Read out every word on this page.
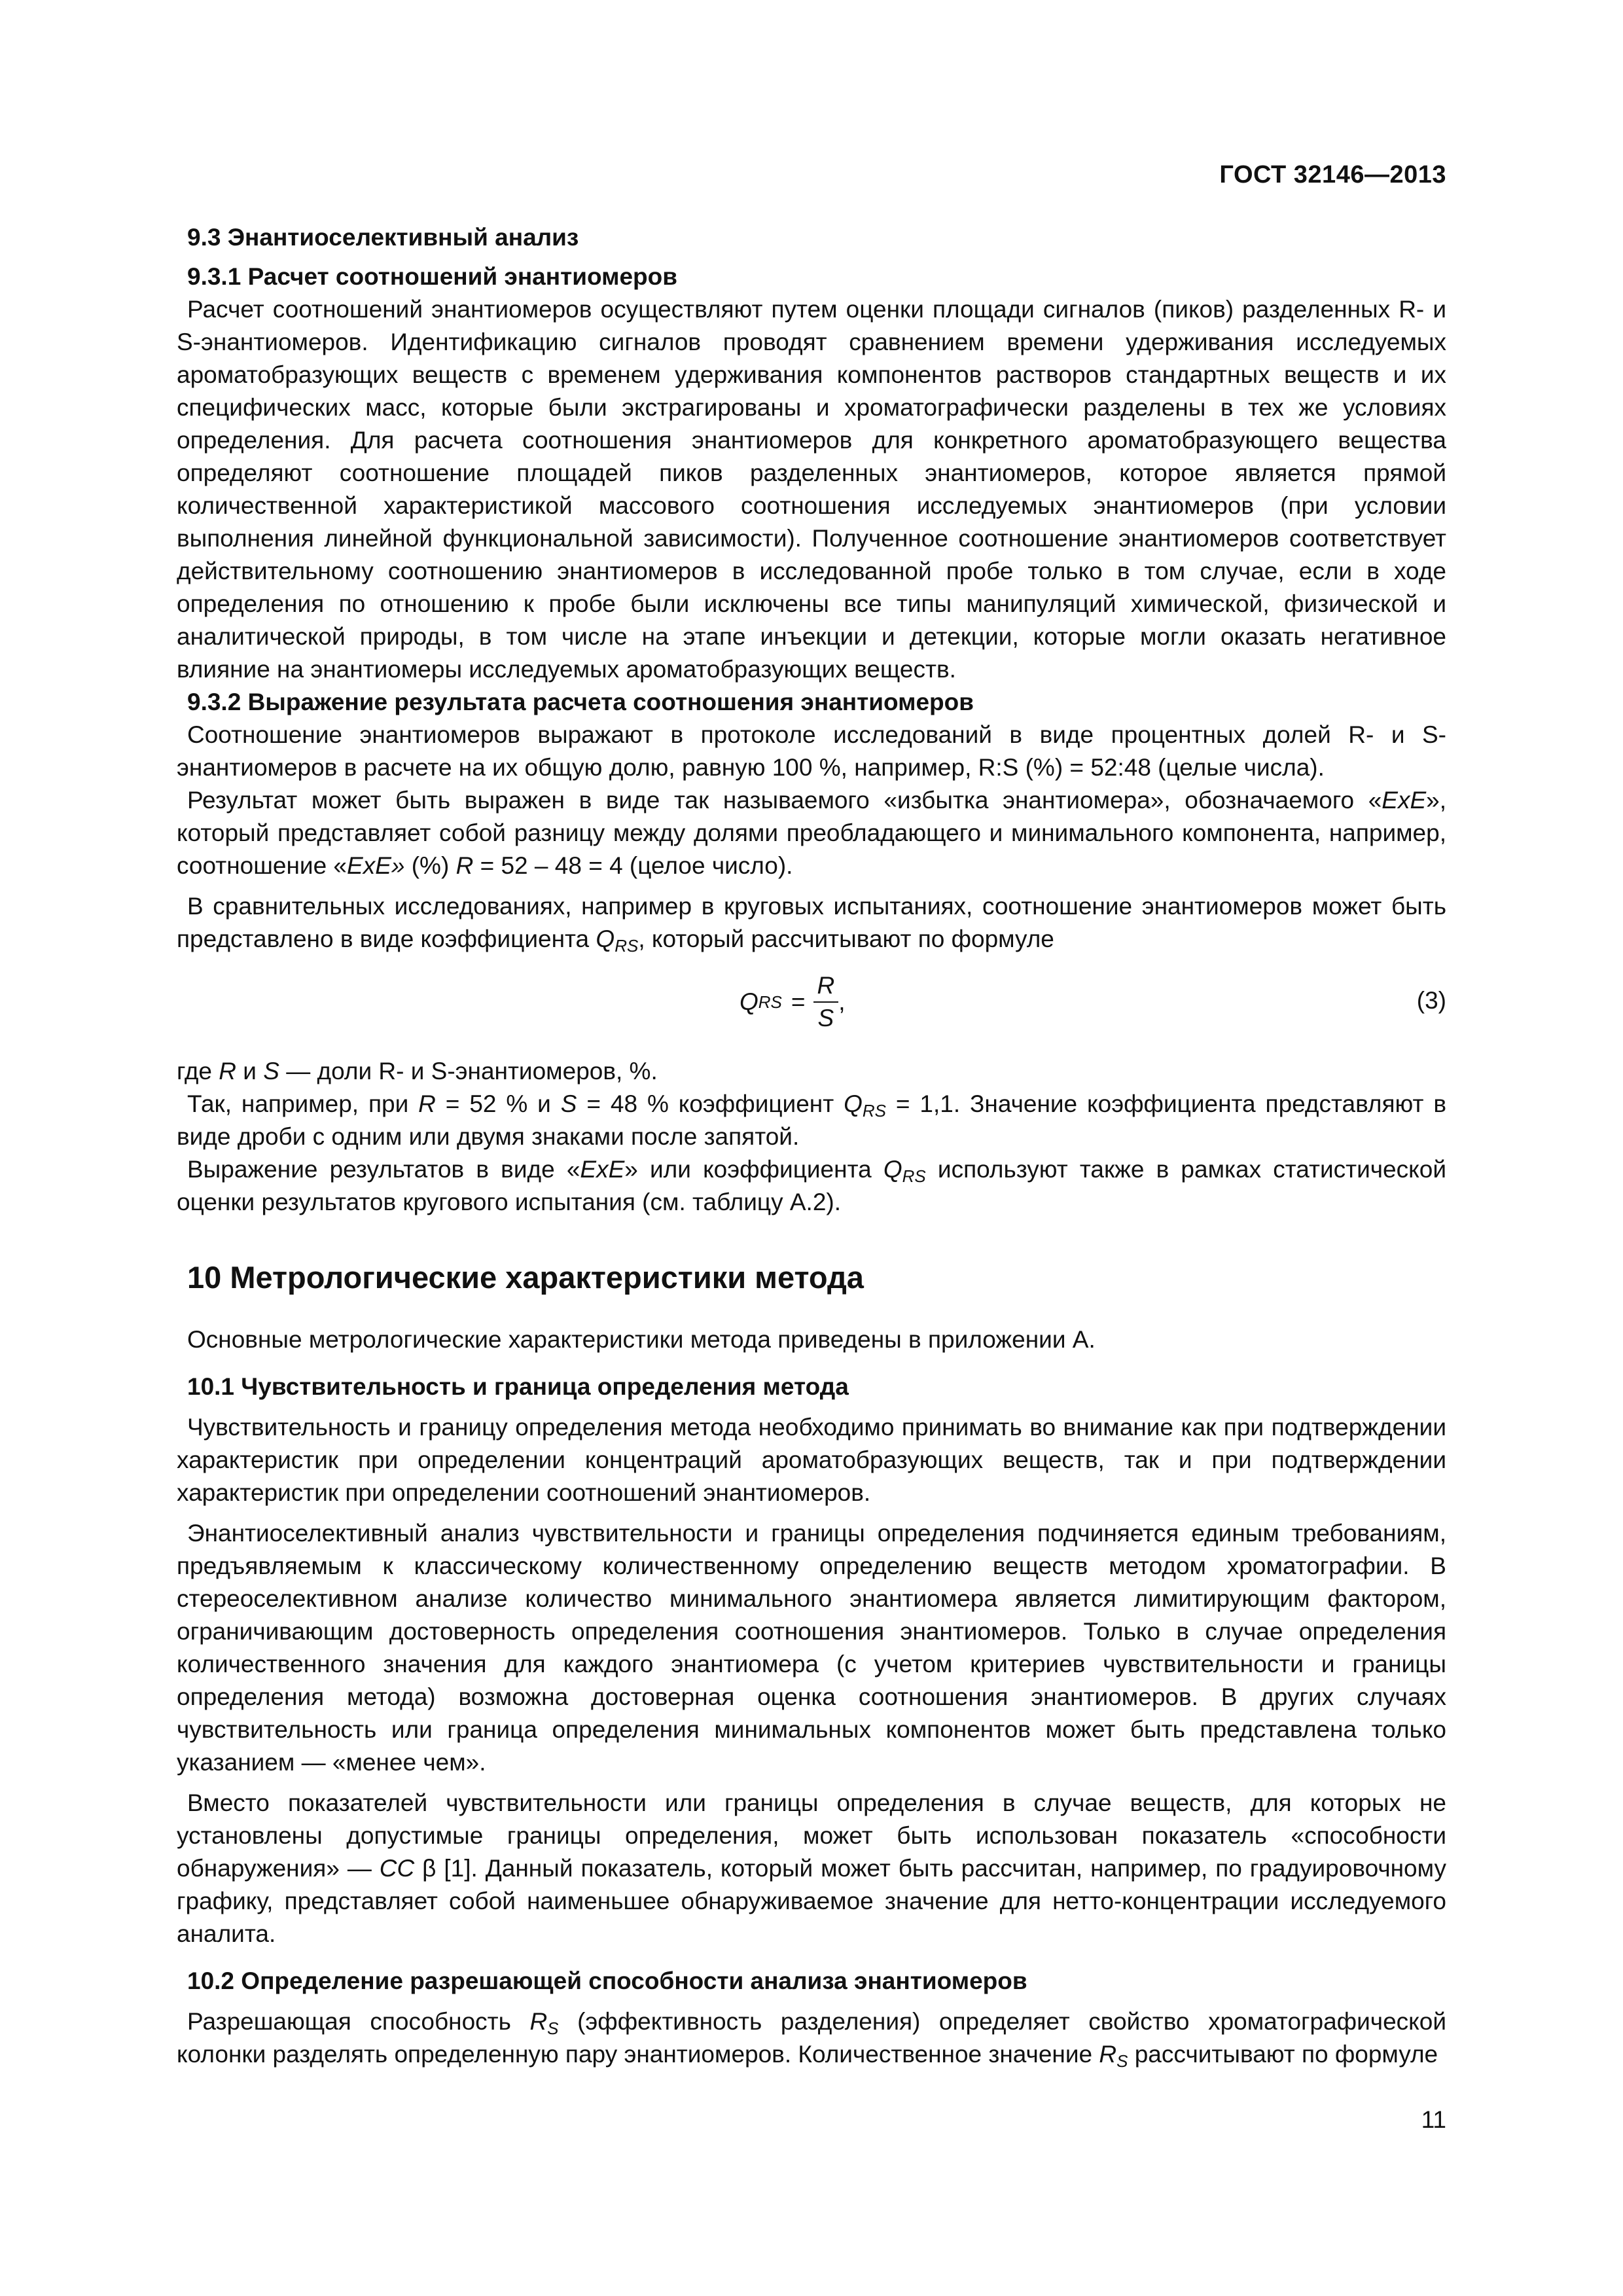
ГОСТ 32146—2013
9.3 Энантиоселективный анализ
9.3.1 Расчет соотношений энантиомеров

Расчет соотношений энантиомеров осуществляют путем оценки площади сигналов (пиков) разделенных R- и S-энантиомеров. Идентификацию сигналов проводят сравнением времени удерживания исследуемых ароматобразующих веществ с временем удерживания компонентов растворов стандартных веществ и их специфических масс, которые были экстрагированы и хроматографически разделены в тех же условиях определения. Для расчета соотношения энантиомеров для конкретного ароматобразующего вещества определяют соотношение площадей пиков разделенных энантиомеров, которое является прямой количественной характеристикой массового соотношения исследуемых энантиомеров (при условии выполнения линейной функциональной зависимости). Полученное соотношение энантиомеров соответствует действительному соотношению энантиомеров в исследованной пробе только в том случае, если в ходе определения по отношению к пробе были исключены все типы манипуляций химической, физической и аналитической природы, в том числе на этапе инъекции и детекции, которые могли оказать негативное влияние на энантиомеры исследуемых ароматобразующих веществ.

9.3.2 Выражение результата расчета соотношения энантиомеров

Соотношение энантиомеров выражают в протоколе исследований в виде процентных долей R- и S-энантиомеров в расчете на их общую долю, равную 100 %, например, R:S (%) = 52:48 (целые числа).

Результат может быть выражен в виде так называемого «избытка энантиомера», обозначаемого «ExE», который представляет собой разницу между долями преобладающего и минимального компонента, например, соотношение «ExE» (%) R = 52 – 48 = 4 (целое число).

В сравнительных исследованиях, например в круговых испытаниях, соотношение энантиомеров может быть представлено в виде коэффициента $Q_{RS}$, который рассчитывают по формуле

Q RS = $\frac{R}{S}$ ,	(3)

где R и S — доли R- и S-энантиомеров, %.

Так, например, при R = 52 % и S = 48 % коэффициент $Q_{RS} = 1,1$. Значение коэффициента представляют в виде дроби с одним или двумя знаками после запятой.

Выражение результатов в виде «ExE» или коэффициента $Q_{RS}$ используют также в рамках статистической оценки результатов кругового испытания (см. таблицу А.2).

10 Метрологические характеристики метода

Основные метрологические характеристики метода приведены в приложении А.

10.1 Чувствительность и граница определения метода

Чувствительность и границу определения метода необходимо принимать во внимание как при подтверждении характеристик при определении концентраций ароматобразующих веществ, так и при подтверждении характеристик при определении соотношений энантиомеров.

Энантиоселективный анализ чувствительности и границы определения подчиняется единым требованиям, предъявляемым к классическому количественному определению веществ методом хроматографии. В стереоселективном анализе количество минимального энантиомера является лимитирующим фактором, ограничивающим достоверность определения соотношения энантиомеров. Только в случае определения количественного значения для каждого энантиомера (с учетом критериев чувствительности и границы определения метода) возможна достоверная оценка соотношения энантиомеров. В других случаях чувствительность или граница определения минимальных компонентов может быть представлена только указанием — «менее чем».

Вместо показателей чувствительности или границы определения в случае веществ, для которых не установлены допустимые границы определения, может быть использован показатель «способности обнаружения» — CC β [1]. Данный показатель, который может быть рассчитан, например, по градуировочному графику, представляет собой наименьшее обнаруживаемое значение для нетто-концентрации исследуемого аналита.

10.2 Определение разрешающей способности анализа энантиомеров

Разрешающая способность $R_S$ (эффективность разделения) определяет свойство хроматографической колонки разделять определенную пару энантиомеров. Количественное значение $R_S$ рассчитывают по формуле

11
